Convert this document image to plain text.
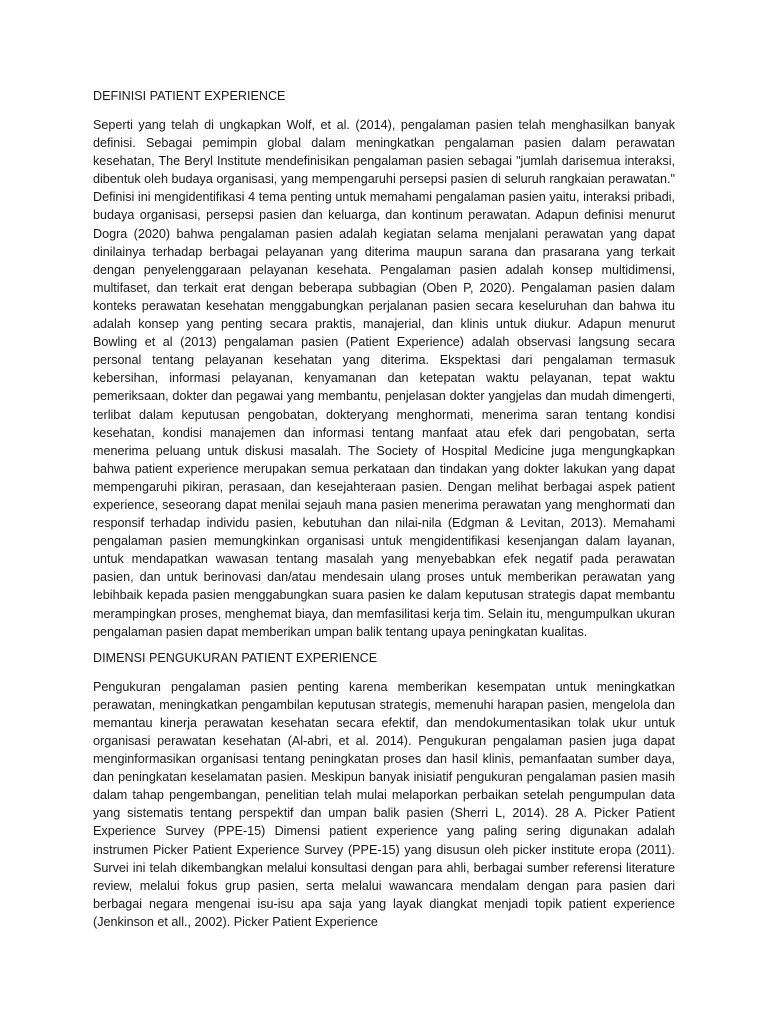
DEFINISI PATIENT EXPERIENCE

Seperti yang telah di ungkapkan Wolf, et al. (2014), pengalaman pasien telah menghasilkan banyak definisi. Sebagai pemimpin global dalam meningkatkan pengalaman pasien dalam perawatan kesehatan, The Beryl Institute mendefinisikan pengalaman pasien sebagai "jumlah darisemua interaksi, dibentuk oleh budaya organisasi, yang mempengaruhi persepsi pasien di seluruh rangkaian perawatan." Definisi ini mengidentifikasi 4 tema penting untuk memahami pengalaman pasien yaitu, interaksi pribadi, budaya organisasi, persepsi pasien dan keluarga, dan kontinum perawatan. Adapun definisi menurut Dogra (2020) bahwa pengalaman pasien adalah kegiatan selama menjalani perawatan yang dapat dinilainya terhadap berbagai pelayanan yang diterima maupun sarana dan prasarana yang terkait dengan penyelenggaraan pelayanan kesehata. Pengalaman pasien adalah konsep multidimensi, multifaset, dan terkait erat dengan beberapa subbagian (Oben P, 2020). Pengalaman pasien dalam konteks perawatan kesehatan menggabungkan perjalanan pasien secara keseluruhan dan bahwa itu adalah konsep yang penting secara praktis, manajerial, dan klinis untuk diukur. Adapun menurut Bowling et al (2013) pengalaman pasien (Patient Experience) adalah observasi langsung secara personal tentang pelayanan kesehatan yang diterima. Ekspektasi dari pengalaman termasuk kebersihan, informasi pelayanan, kenyamanan dan ketepatan waktu pelayanan, tepat waktu pemeriksaan, dokter dan pegawai yang membantu, penjelasan dokter yangjelas dan mudah dimengerti, terlibat dalam keputusan pengobatan, dokteryang menghormati, menerima saran tentang kondisi kesehatan, kondisi manajemen dan informasi tentang manfaat atau efek dari pengobatan, serta menerima peluang untuk diskusi masalah. The Society of Hospital Medicine juga mengungkapkan bahwa patient experience merupakan semua perkataan dan tindakan yang dokter lakukan yang dapat mempengaruhi pikiran, perasaan, dan kesejahteraan pasien. Dengan melihat berbagai aspek patient experience, seseorang dapat menilai sejauh mana pasien menerima perawatan yang menghormati dan responsif terhadap individu pasien, kebutuhan dan nilai-nila (Edgman & Levitan, 2013). Memahami pengalaman pasien memungkinkan organisasi untuk mengidentifikasi kesenjangan dalam layanan, untuk mendapatkan wawasan tentang masalah yang menyebabkan efek negatif pada perawatan pasien, dan untuk berinovasi dan/atau mendesain ulang proses untuk memberikan perawatan yang lebihbaik kepada pasien menggabungkan suara pasien ke dalam keputusan strategis dapat membantu merampingkan proses, menghemat biaya, dan memfasilitasi kerja tim. Selain itu, mengumpulkan ukuran pengalaman pasien dapat memberikan umpan balik tentang upaya peningkatan kualitas.

DIMENSI PENGUKURAN PATIENT EXPERIENCE

Pengukuran pengalaman pasien penting karena memberikan kesempatan untuk meningkatkan perawatan, meningkatkan pengambilan keputusan strategis, memenuhi harapan pasien, mengelola dan memantau kinerja perawatan kesehatan secara efektif, dan mendokumentasikan tolak ukur untuk organisasi perawatan kesehatan (Al-abri, et al. 2014). Pengukuran pengalaman pasien juga dapat menginformasikan organisasi tentang peningkatan proses dan hasil klinis, pemanfaatan sumber daya, dan peningkatan keselamatan pasien. Meskipun banyak inisiatif pengukuran pengalaman pasien masih dalam tahap pengembangan, penelitian telah mulai melaporkan perbaikan setelah pengumpulan data yang sistematis tentang perspektif dan umpan balik pasien (Sherri L, 2014). 28 A. Picker Patient Experience Survey (PPE-15) Dimensi patient experience yang paling sering digunakan adalah instrumen Picker Patient Experience Survey (PPE-15) yang disusun oleh picker institute eropa (2011). Survei ini telah dikembangkan melalui konsultasi dengan para ahli, berbagai sumber referensi literature review, melalui fokus grup pasien, serta melalui wawancara mendalam dengan para pasien dari berbagai negara mengenai isu-isu apa saja yang layak diangkat menjadi topik patient experience (Jenkinson et all., 2002). Picker Patient Experience
